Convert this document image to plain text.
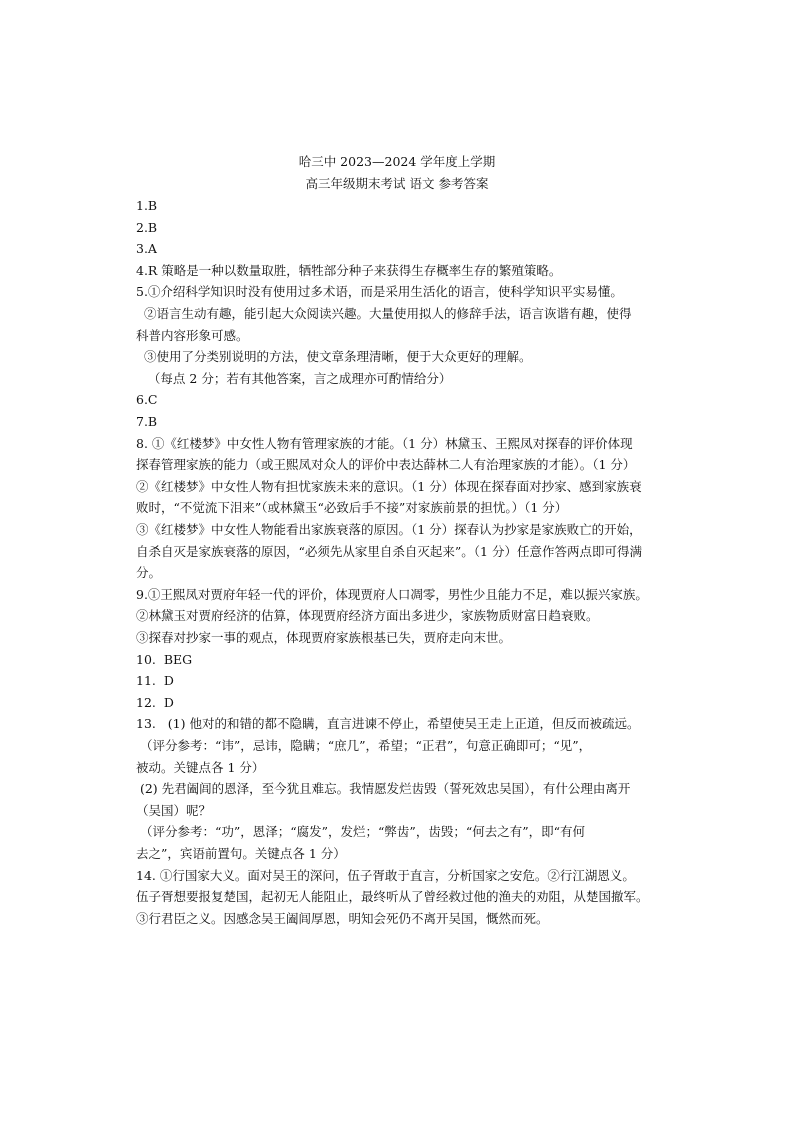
哈三中 2023—2024 学年度上学期
高三年级期末考试 语文 参考答案
1.B
2.B
3.A
4.R 策略是一种以数量取胜，牺牲部分种子来获得生存概率生存的繁殖策略。
5.①介绍科学知识时没有使用过多术语，而是采用生活化的语言，使科学知识平实易懂。
②语言生动有趣，能引起大众阅读兴趣。大量使用拟人的修辞手法，语言诙谐有趣，使得
科普内容形象可感。
③使用了分类别说明的方法，使文章条理清晰，便于大众更好的理解。
（每点 2 分；若有其他答案，言之成理亦可酌情给分）
6.C
7.B
8. ①《红楼梦》中女性人物有管理家族的才能。（1 分）林黛玉、王熙凤对探春的评价体现
探春管理家族的能力（或王熙凤对众人的评价中表达薛林二人有治理家族的才能）。（1 分）
②《红楼梦》中女性人物有担忧家族未来的意识。（1 分）体现在探春面对抄家、感到家族衰
败时，“不觉流下泪来”（或林黛玉“必致后手不接”对家族前景的担忧。）（1 分）
③《红楼梦》中女性人物能看出家族衰落的原因。（1 分）探春认为抄家是家族败亡的开始，
自杀自灭是家族衰落的原因，“必须先从家里自杀自灭起来”。（1 分）任意作答两点即可得满
分。
9.①王熙凤对贾府年轻一代的评价，体现贾府人口凋零，男性少且能力不足，难以振兴家族。
②林黛玉对贾府经济的估算，体现贾府经济方面出多进少，家族物质财富日趋衰败。
③探春对抄家一事的观点，体现贾府家族根基已失，贾府走向末世。
10.  BEG
11.  D
12.  D
13.   (1) 他对的和错的都不隐瞒，直言进谏不停止，希望使吴王走上正道，但反而被疏远。
（评分参考：“讳”，忌讳，隐瞒；“庶几”，希望；“正君”，句意正确即可；“见”，
被动。关键点各 1 分）
(2) 先君阖闾的恩泽，至今犹且难忘。我情愿发烂齿毁（誓死效忠吴国），有什公理由离开
（吴国）呢？
（评分参考：“功”，恩泽；“腐发”，发烂；“弊齿”，齿毁；“何去之有”，即“有何
去之”，宾语前置句。关键点各 1 分）
14. ①行国家大义。面对吴王的深问，伍子胥敢于直言，分析国家之安危。②行江湖恩义。
伍子胥想要报复楚国，起初无人能阻止，最终听从了曾经救过他的渔夫的劝阻，从楚国撤军。
③行君臣之义。因感念吴王阖闾厚恩，明知会死仍不离开吴国，慨然而死。
